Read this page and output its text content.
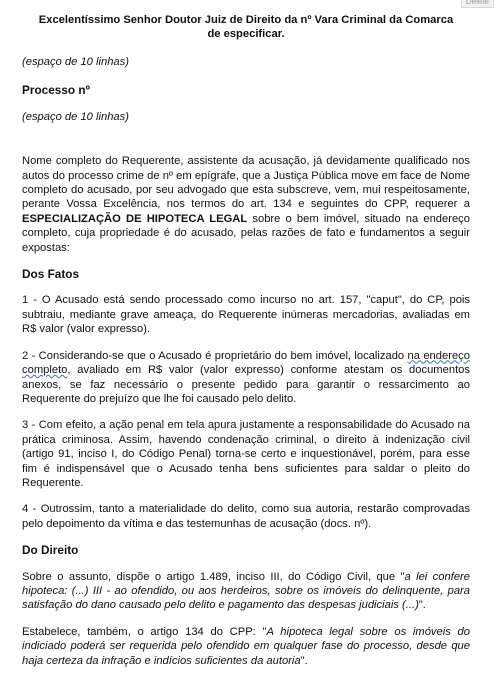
Delete
Excelentíssimo Senhor Doutor Juiz de Direito da nº Vara Criminal da Comarca
de especificar.
(espaço de 10 linhas)
Processo nº
(espaço de 10 linhas)
Nome completo do Requerente, assistente da acusação, já devidamente qualificado nos autos do processo crime de nº em epígrafe, que a Justiça Pública move em face de Nome completo do acusado, por seu advogado que esta subscreve, vem, mui respeitosamente, perante Vossa Excelência, nos termos do art. 134 e seguintes do CPP, requerer a ESPECIALIZAÇÃO DE HIPOTECA LEGAL sobre o bem imóvel, situado na endereço completo, cuja propriedade é do acusado, pelas razões de fato e fundamentos a seguir expostas:
Dos Fatos
1 - O Acusado está sendo processado como incurso no art. 157, "caput", do CP, pois subtraiu, mediante grave ameaça, do Requerente inúmeras mercadorias, avaliadas em R$ valor (valor expresso).
2 - Considerando-se que o Acusado é proprietário do bem imóvel, localizado na endereço completo, avaliado em R$ valor (valor expresso) conforme atestam os documentos anexos, se faz necessário o presente pedido para garantir o ressarcimento ao Requerente do prejuízo que lhe foi causado pelo delito.
3 - Com efeito, a ação penal em tela apura justamente a responsabilidade do Acusado na prática criminosa. Assim, havendo condenação criminal, o direito à indenização civil (artigo 91, inciso I, do Código Penal) torna-se certo e inquestionável, porém, para esse fim é indispensável que o Acusado tenha bens suficientes para saldar o pleito do Requerente.
4 - Outrossim, tanto a materialidade do delito, como sua autoria, restarão comprovadas pelo depoimento da vítima e das testemunhas de acusação (docs. nº).
Do Direito
Sobre o assunto, dispõe o artigo 1.489, inciso III, do Código Civil, que "a lei confere hipoteca: (...) III - ao ofendido, ou aos herdeiros, sobre os imóveis do delinquente, para satisfação do dano causado pelo delito e pagamento das despesas judiciais (...)".
Estabelece, também, o artigo 134 do CPP: "A hipoteca legal sobre os imóveis do indiciado poderá ser requerida pelo ofendido em qualquer fase do processo, desde que haja certeza da infração e indícios suficientes da autoria".
